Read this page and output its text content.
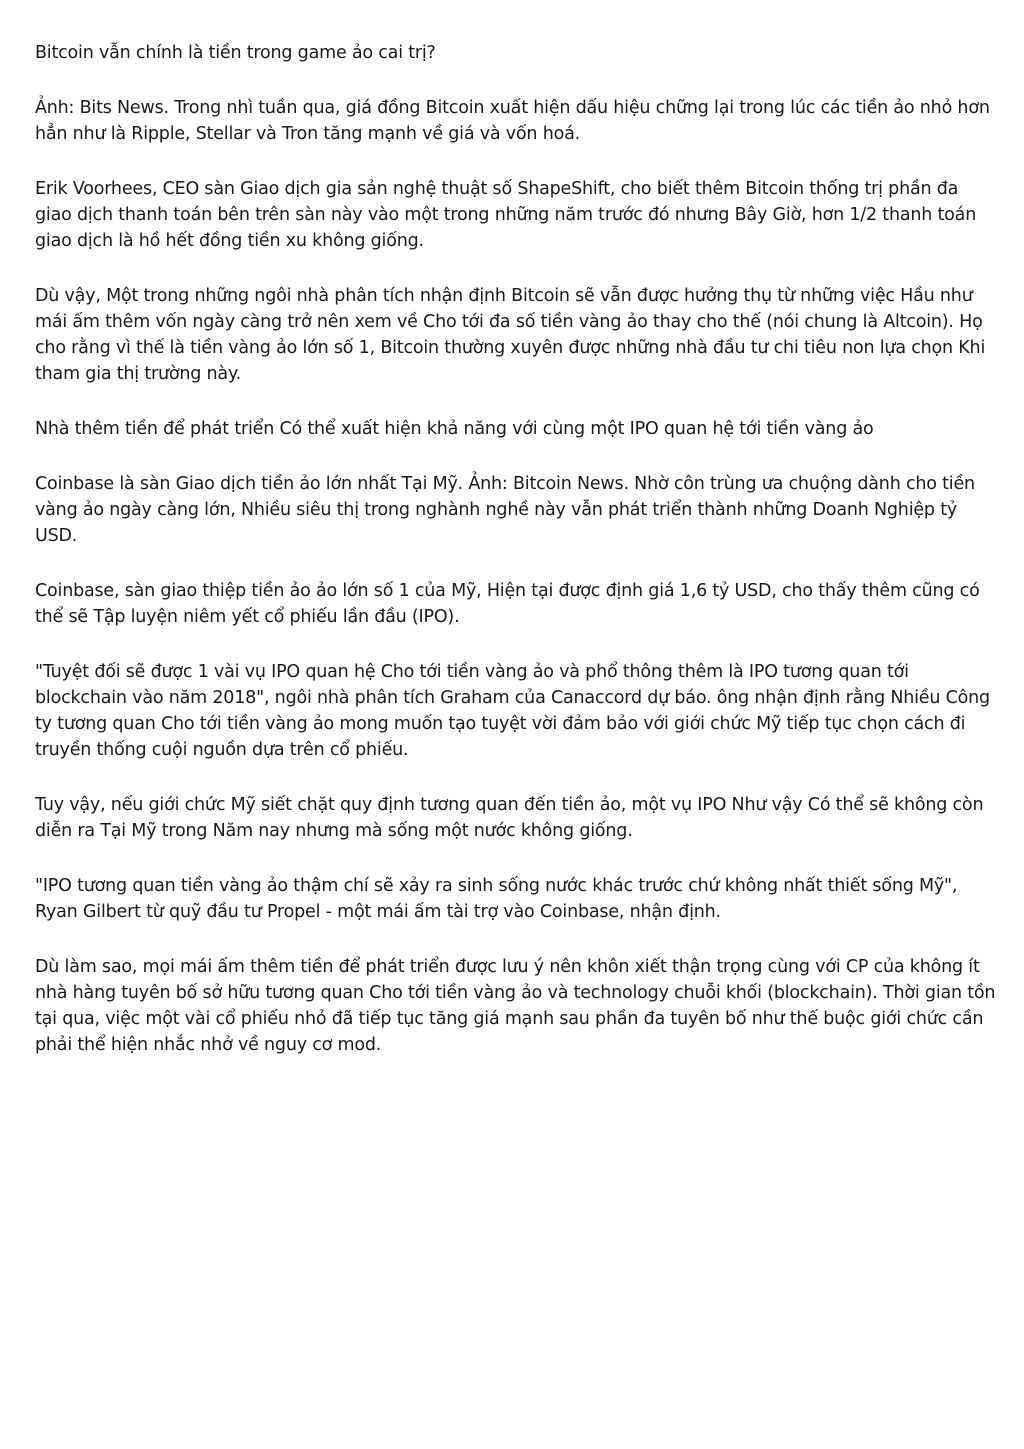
Bitcoin vẫn chính là tiền trong game ảo cai trị?

Ảnh: Bits News. Trong nhì tuần qua, giá đồng Bitcoin xuất hiện dấu hiệu chững lại trong lúc các tiền ảo nhỏ hơn hẳn như là Ripple, Stellar và Tron tăng mạnh về giá và vốn hoá.

Erik Voorhees, CEO sàn Giao dịch gia sản nghệ thuật số ShapeShift, cho biết thêm Bitcoin thống trị phần đa giao dịch thanh toán bên trên sàn này vào một trong những năm trước đó nhưng Bây Giờ, hơn 1/2 thanh toán giao dịch là hồ hết đồng tiền xu không giống.

Dù vậy, Một trong những ngôi nhà phân tích nhận định Bitcoin sẽ vẫn được hưởng thụ từ những việc Hầu như mái ấm thêm vốn ngày càng trở nên xem về Cho tới đa số tiền vàng ảo thay cho thế (nói chung là Altcoin). Họ cho rằng vì thế là tiền vàng ảo lớn số 1, Bitcoin thường xuyên được những nhà đầu tư chi tiêu non lựa chọn Khi tham gia thị trường này.

Nhà thêm tiền để phát triển Có thể xuất hiện khả năng với cùng một IPO quan hệ tới tiền vàng ảo

Coinbase là sàn Giao dịch tiền ảo lớn nhất Tại Mỹ. Ảnh: Bitcoin News. Nhờ côn trùng ưa chuộng dành cho tiền vàng ảo ngày càng lớn, Nhiều siêu thị trong nghành nghề này vẫn phát triển thành những Doanh Nghiệp tỷ USD.

Coinbase, sàn giao thiệp tiền ảo ảo lớn số 1 của Mỹ, Hiện tại được định giá 1,6 tỷ USD, cho thấy thêm cũng có thể sẽ Tập luyện niêm yết cổ phiếu lần đầu (IPO).

"Tuyệt đối sẽ được 1 vài vụ IPO quan hệ Cho tới tiền vàng ảo và phổ thông thêm là IPO tương quan tới blockchain vào năm 2018", ngôi nhà phân tích Graham của Canaccord dự báo. ông nhận định rằng Nhiều Công ty tương quan Cho tới tiền vàng ảo mong muốn tạo tuyệt vời đảm bảo với giới chức Mỹ tiếp tục chọn cách đi truyền thống cuội nguồn dựa trên cổ phiếu.

Tuy vậy, nếu giới chức Mỹ siết chặt quy định tương quan đến tiền ảo, một vụ IPO Như vậy Có thể sẽ không còn diễn ra Tại Mỹ trong Năm nay nhưng mà sống một nước không giống.

"IPO tương quan tiền vàng ảo thậm chí sẽ xảy ra sinh sống nước khác trước chứ không nhất thiết sống Mỹ", Ryan Gilbert từ quỹ đầu tư Propel - một mái ấm tài trợ vào Coinbase, nhận định.

Dù làm sao, mọi mái ấm thêm tiền để phát triển được lưu ý nên khôn xiết thận trọng cùng với CP của không ít nhà hàng tuyên bố sở hữu tương quan Cho tới tiền vàng ảo và technology chuỗi khối (blockchain). Thời gian tồn tại qua, việc một vài cổ phiếu nhỏ đã tiếp tục tăng giá mạnh sau phần đa tuyên bố như thế buộc giới chức cần phải thể hiện nhắc nhở về nguy cơ mod.
